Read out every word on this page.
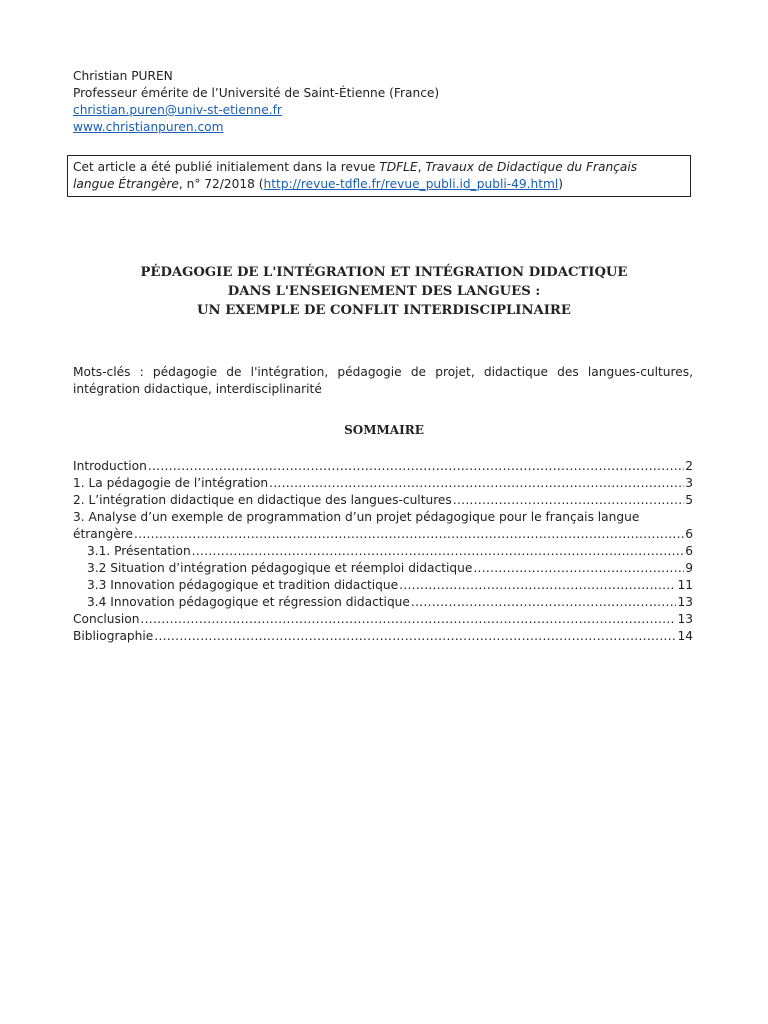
Christian PUREN
Professeur émérite de l’Université de Saint-Étienne (France)
christian.puren@univ-st-etienne.fr
www.christianpuren.com
Cet article a été publié initialement dans la revue TDFLE, Travaux de Didactique du Français
langue Étrangère, n° 72/2018 (http://revue-tdfle.fr/revue_publi.id_publi-49.html)
PÉDAGOGIE DE L'INTÉGRATION ET INTÉGRATION DIDACTIQUE
DANS L'ENSEIGNEMENT DES LANGUES :
UN EXEMPLE DE CONFLIT INTERDISCIPLINAIRE
Mots-clés : pédagogie de l'intégration, pédagogie de projet, didactique des langues-cultures, intégration didactique, interdisciplinarité
SOMMAIRE
Introduction .....	2
1. La pédagogie de l’intégration .....	3
2. L’intégration didactique en didactique des langues-cultures .....	5
3. Analyse d’un exemple de programmation d’un projet pédagogique pour le français langue
étrangère .....	6
3.1. Présentation .....	6
3.2 Situation d’intégration pédagogique et réemploi didactique .....	9
3.3 Innovation pédagogique et tradition didactique .....	11
3.4 Innovation pédagogique et régression didactique .....	13
Conclusion .....	13
Bibliographie .....	14
